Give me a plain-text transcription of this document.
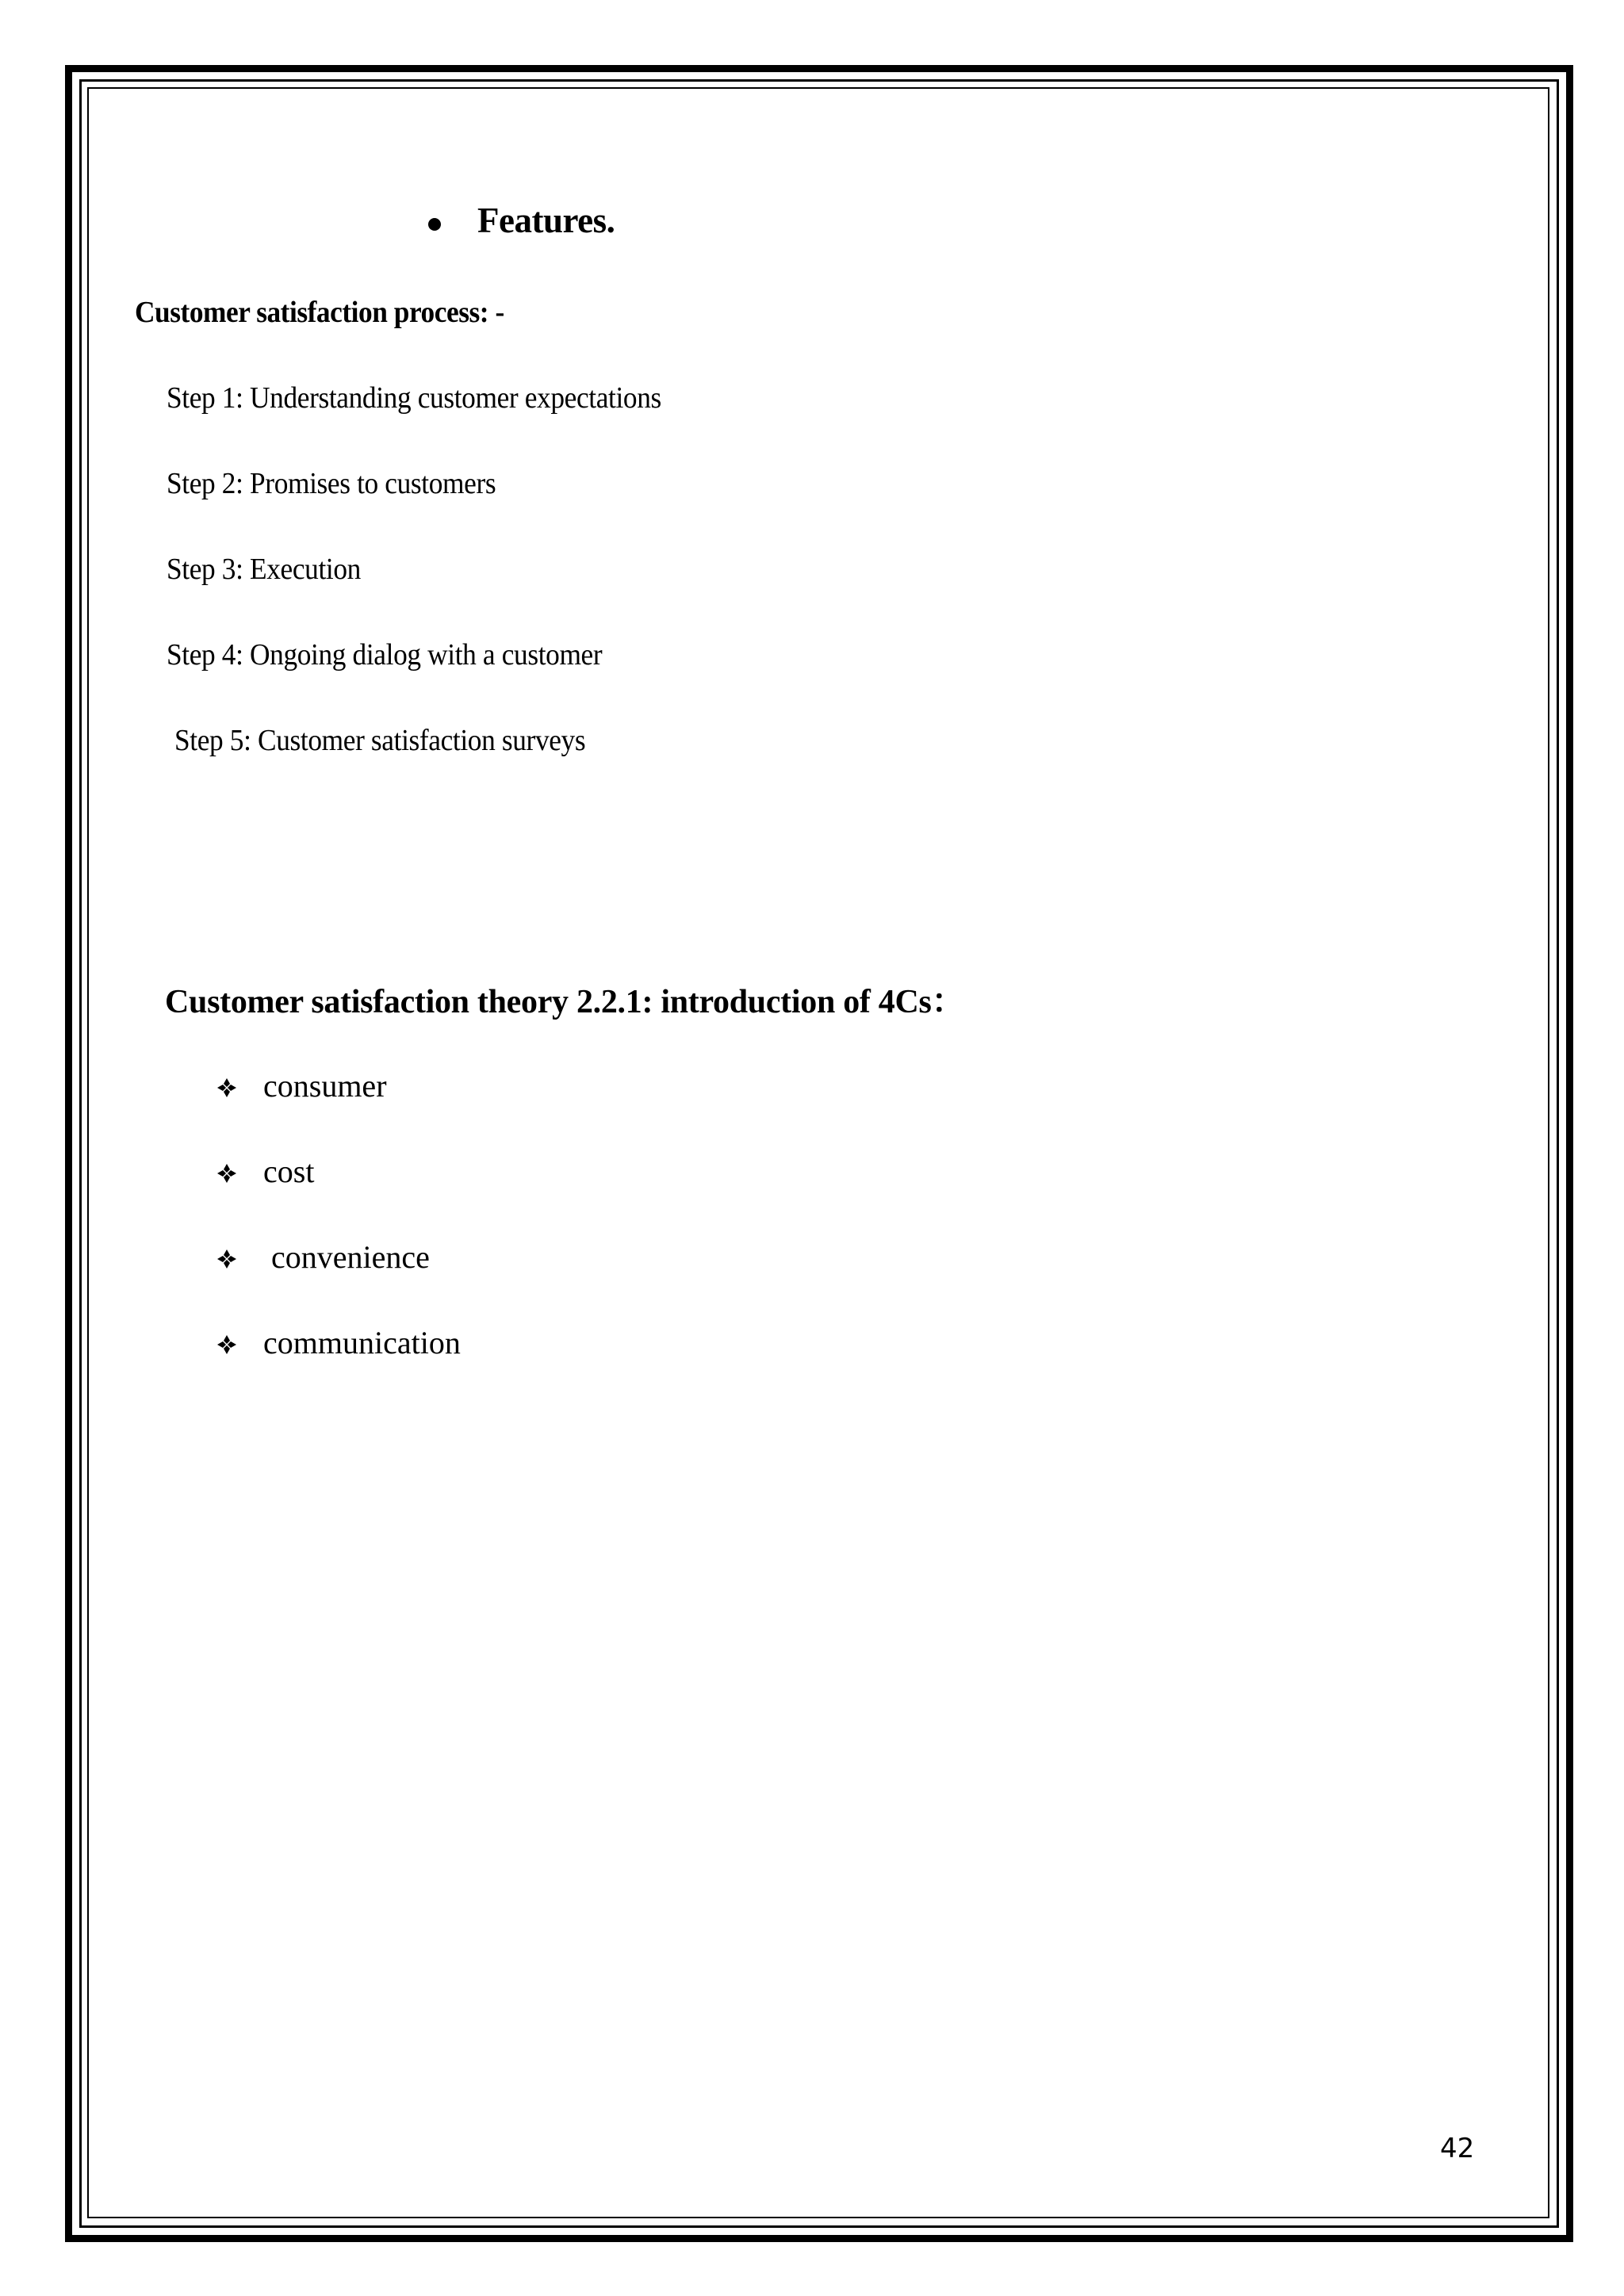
Features.
Customer satisfaction process: -
Step 1: Understanding customer expectations
Step 2: Promises to customers
Step 3: Execution
Step 4: Ongoing dialog with a customer
Step 5: Customer satisfaction surveys
Customer satisfaction theory 2.2.1: introduction of 4Cs：
consumer
cost
convenience
communication
42
